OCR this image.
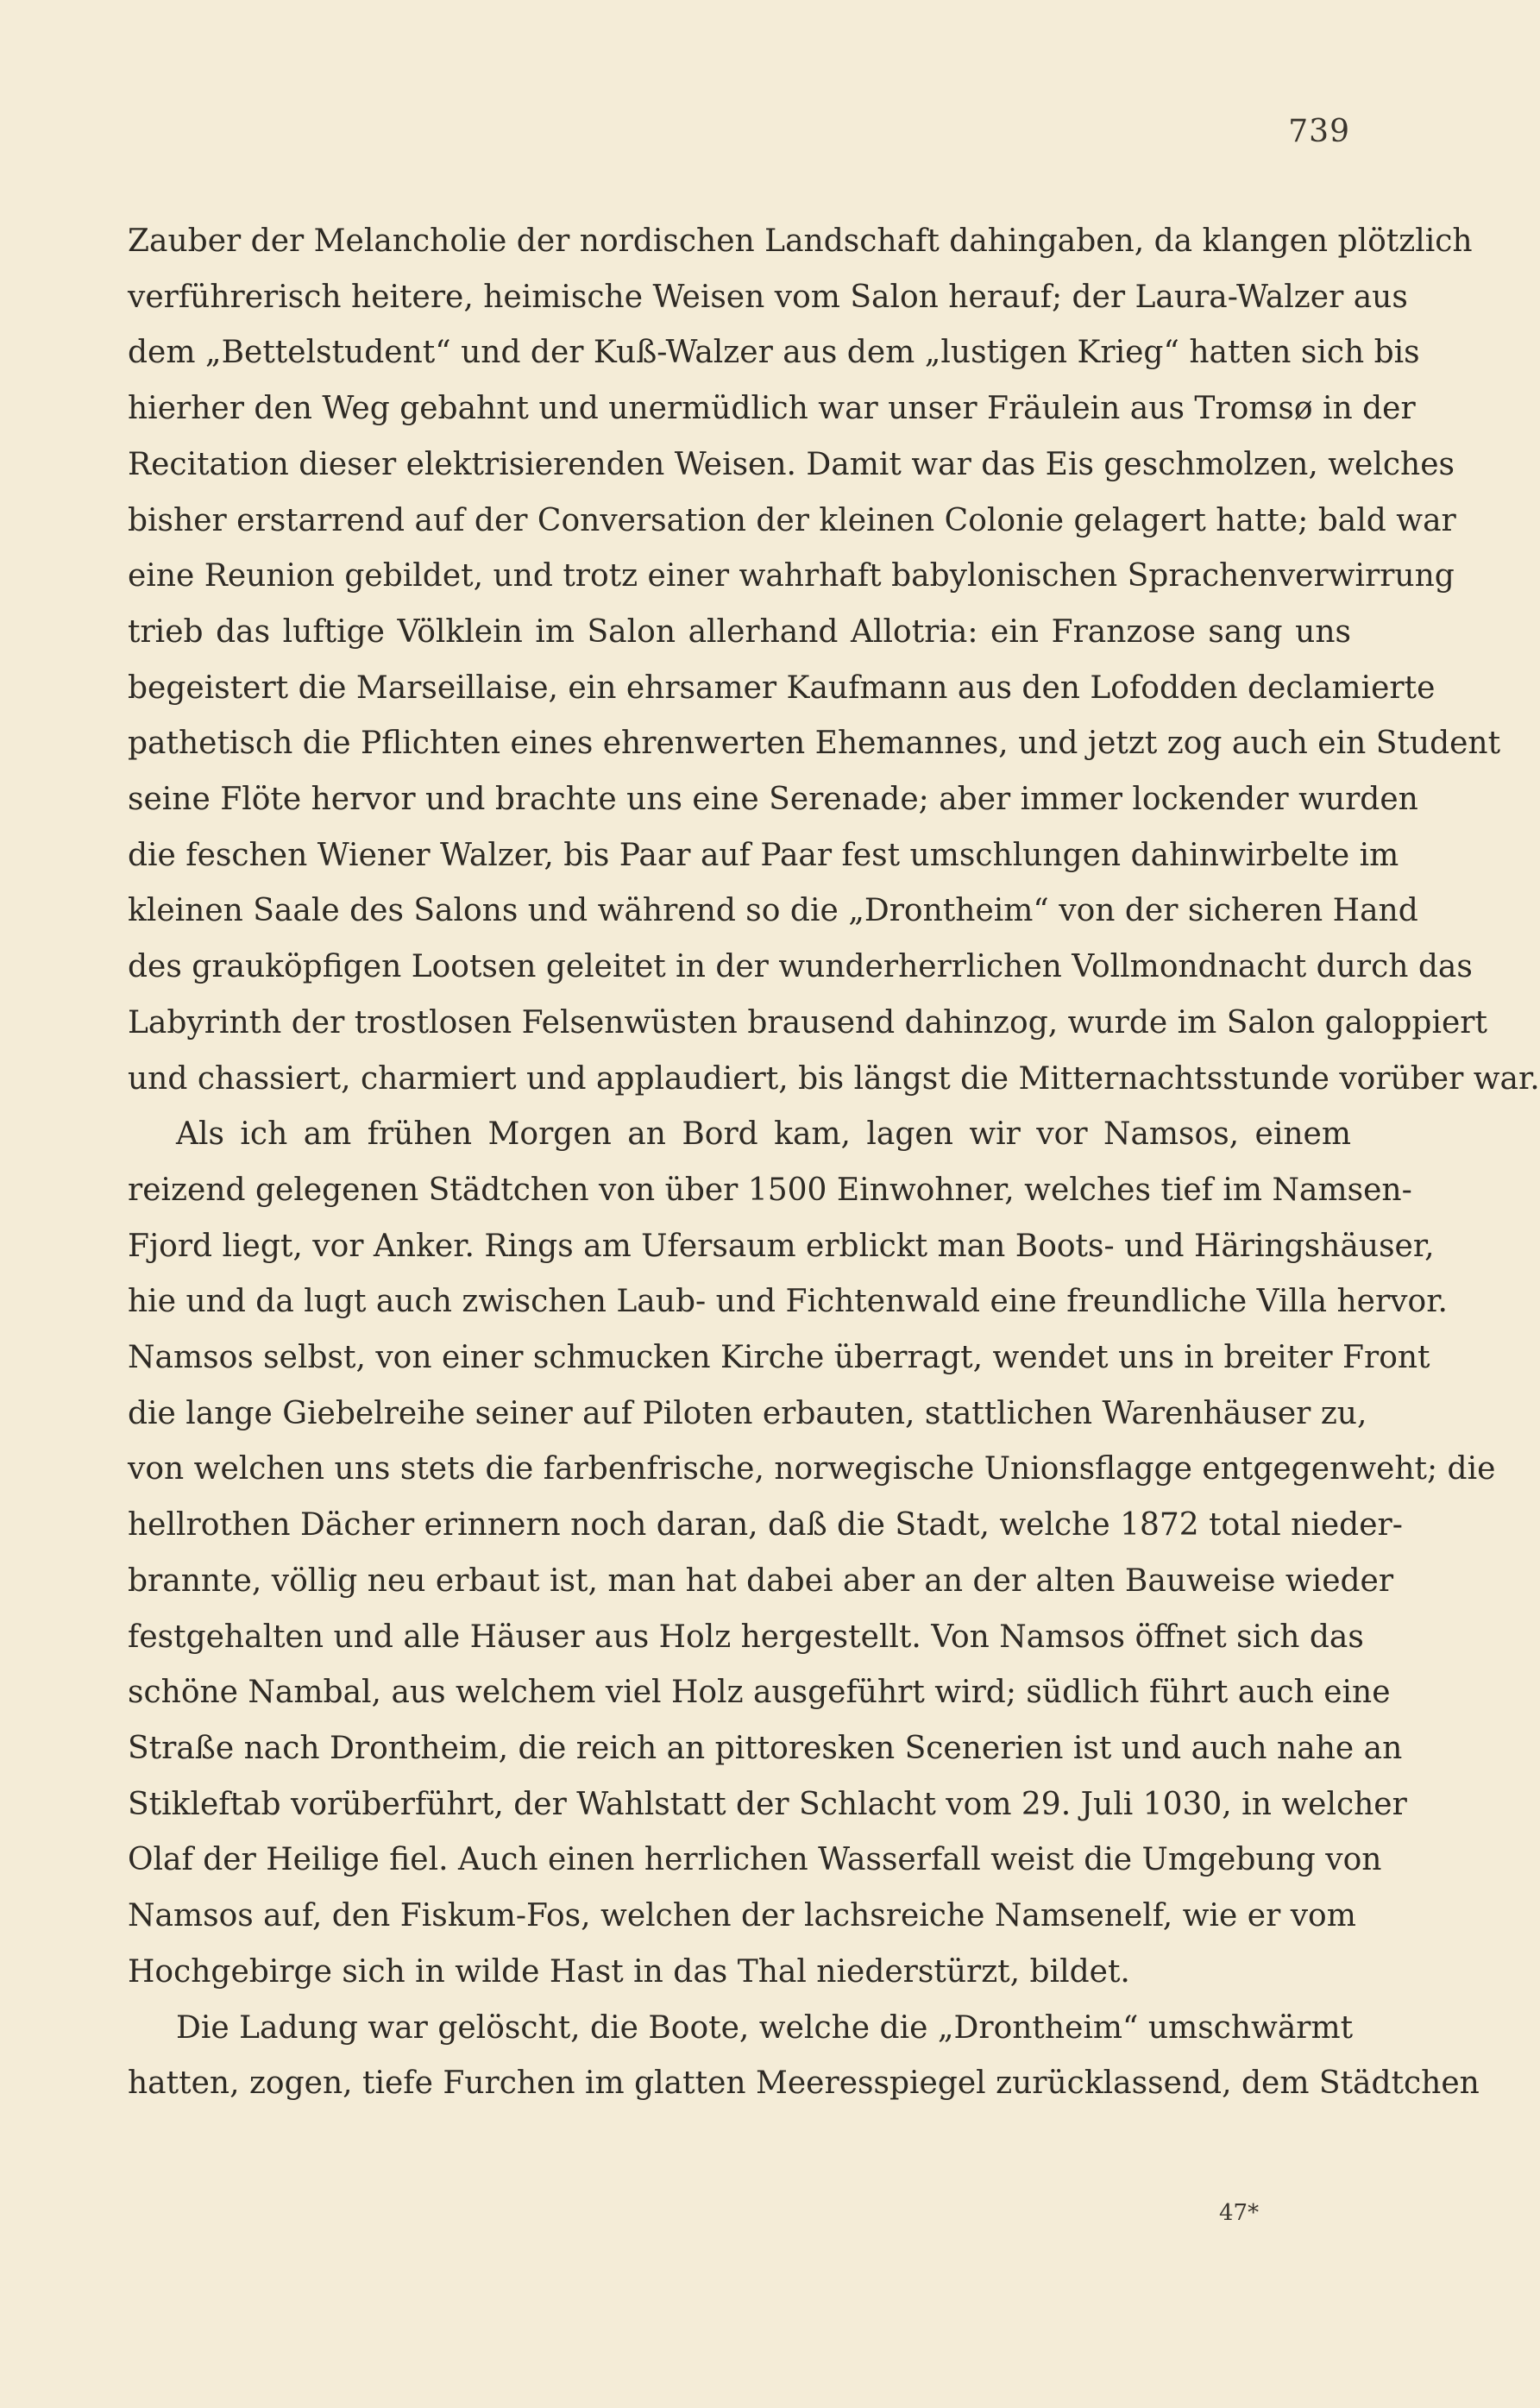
739
Zauber der Melancholie der nordischen Landschaft dahingaben, da klangen plötzlich
verführerisch heitere, heimische Weisen vom Salon herauf; der Laura-Walzer aus
dem „Bettelstudent“ und der Kuß-Walzer aus dem „lustigen Krieg“ hatten sich bis
hierher den Weg gebahnt und unermüdlich war unser Fräulein aus Tromsø in der
Recitation dieser elektrisierenden Weisen. Damit war das Eis geschmolzen, welches
bisher erstarrend auf der Conversation der kleinen Colonie gelagert hatte; bald war
eine Reunion gebildet, und trotz einer wahrhaft babylonischen Sprachenverwirrung
trieb das luftige Völklein im Salon allerhand Allotria: ein Franzose sang uns
begeistert die Marseillaise, ein ehrsamer Kaufmann aus den Lofodden declamierte
pathetisch die Pflichten eines ehrenwerten Ehemannes, und jetzt zog auch ein Student
seine Flöte hervor und brachte uns eine Serenade; aber immer lockender wurden
die feschen Wiener Walzer, bis Paar auf Paar fest umschlungen dahinwirbelte im
kleinen Saale des Salons und während so die „Drontheim“ von der sicheren Hand
des grauköpfigen Lootsen geleitet in der wunderherrlichen Vollmondnacht durch das
Labyrinth der trostlosen Felsenwüsten brausend dahinzog, wurde im Salon galoppiert
und chassiert, charmiert und applaudiert, bis längst die Mitternachtsstunde vorüber war.
Als ich am frühen Morgen an Bord kam, lagen wir vor Namsos, einem
reizend gelegenen Städtchen von über 1500 Einwohner, welches tief im Namsen-
Fjord liegt, vor Anker. Rings am Ufersaum erblickt man Boots- und Häringshäuser,
hie und da lugt auch zwischen Laub- und Fichtenwald eine freundliche Villa hervor.
Namsos selbst, von einer schmucken Kirche überragt, wendet uns in breiter Front
die lange Giebelreihe seiner auf Piloten erbauten, stattlichen Warenhäuser zu,
von welchen uns stets die farbenfrische, norwegische Unionsflagge entgegenweht; die
hellrothen Dächer erinnern noch daran, daß die Stadt, welche 1872 total nieder-
brannte, völlig neu erbaut ist, man hat dabei aber an der alten Bauweise wieder
festgehalten und alle Häuser aus Holz hergestellt. Von Namsos öffnet sich das
schöne Nambal, aus welchem viel Holz ausgeführt wird; südlich führt auch eine
Straße nach Drontheim, die reich an pittoresken Scenerien ist und auch nahe an
Stikleftab vorüberführt, der Wahlstatt der Schlacht vom 29. Juli 1030, in welcher
Olaf der Heilige fiel. Auch einen herrlichen Wasserfall weist die Umgebung von
Namsos auf, den Fiskum-Fos, welchen der lachsreiche Namsenelf, wie er vom
Hochgebirge sich in wilde Hast in das Thal niederstürzt, bildet.
Die Ladung war gelöscht, die Boote, welche die „Drontheim“ umschwärmt
hatten, zogen, tiefe Furchen im glatten Meeresspiegel zurücklassend, dem Städtchen
47*
